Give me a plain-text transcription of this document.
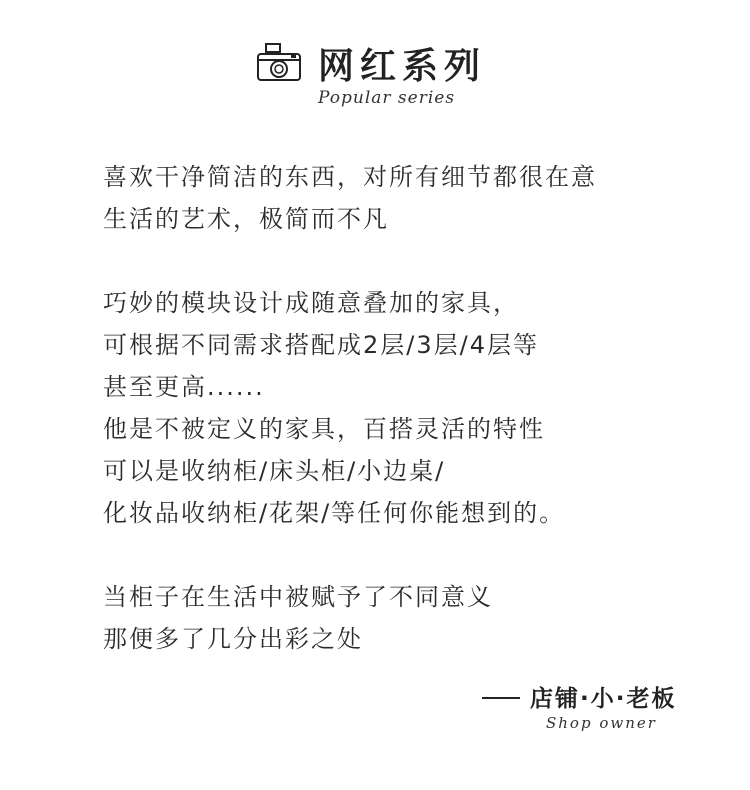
网红系列
Popular series
喜欢干净简洁的东西，对所有细节都很在意
生活的艺术，极简而不凡
巧妙的模块设计成随意叠加的家具，
可根据不同需求搭配成2层/3层/4层等
甚至更高......
他是不被定义的家具，百搭灵活的特性
可以是收纳柜/床头柜/小边桌/
化妆品收纳柜/花架/等任何你能想到的。
当柜子在生活中被赋予了不同意义
那便多了几分出彩之处
店铺·小·老板
Shop owner
